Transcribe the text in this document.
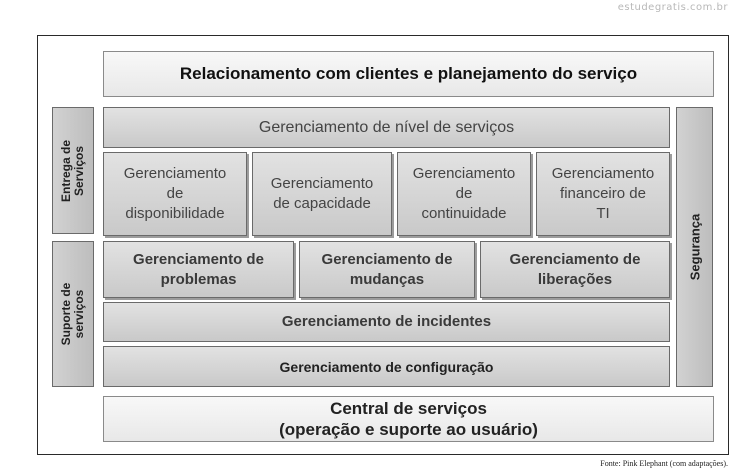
estudegratis.com.br
Relacionamento com clientes e planejamento do serviço
Entrega de Serviços
Suporte de serviços
Segurança
Gerenciamento de nível de serviços
Gerenciamento
de
disponibilidade
Gerenciamento
de capacidade
Gerenciamento
de
continuidade
Gerenciamento
financeiro de
TI
Gerenciamento de
problemas
Gerenciamento de
mudanças
Gerenciamento de
liberações
Gerenciamento de incidentes
Gerenciamento de configuração
Central de serviços
(operação e suporte ao usuário)
Fonte: Pink Elephant (com adaptações).
